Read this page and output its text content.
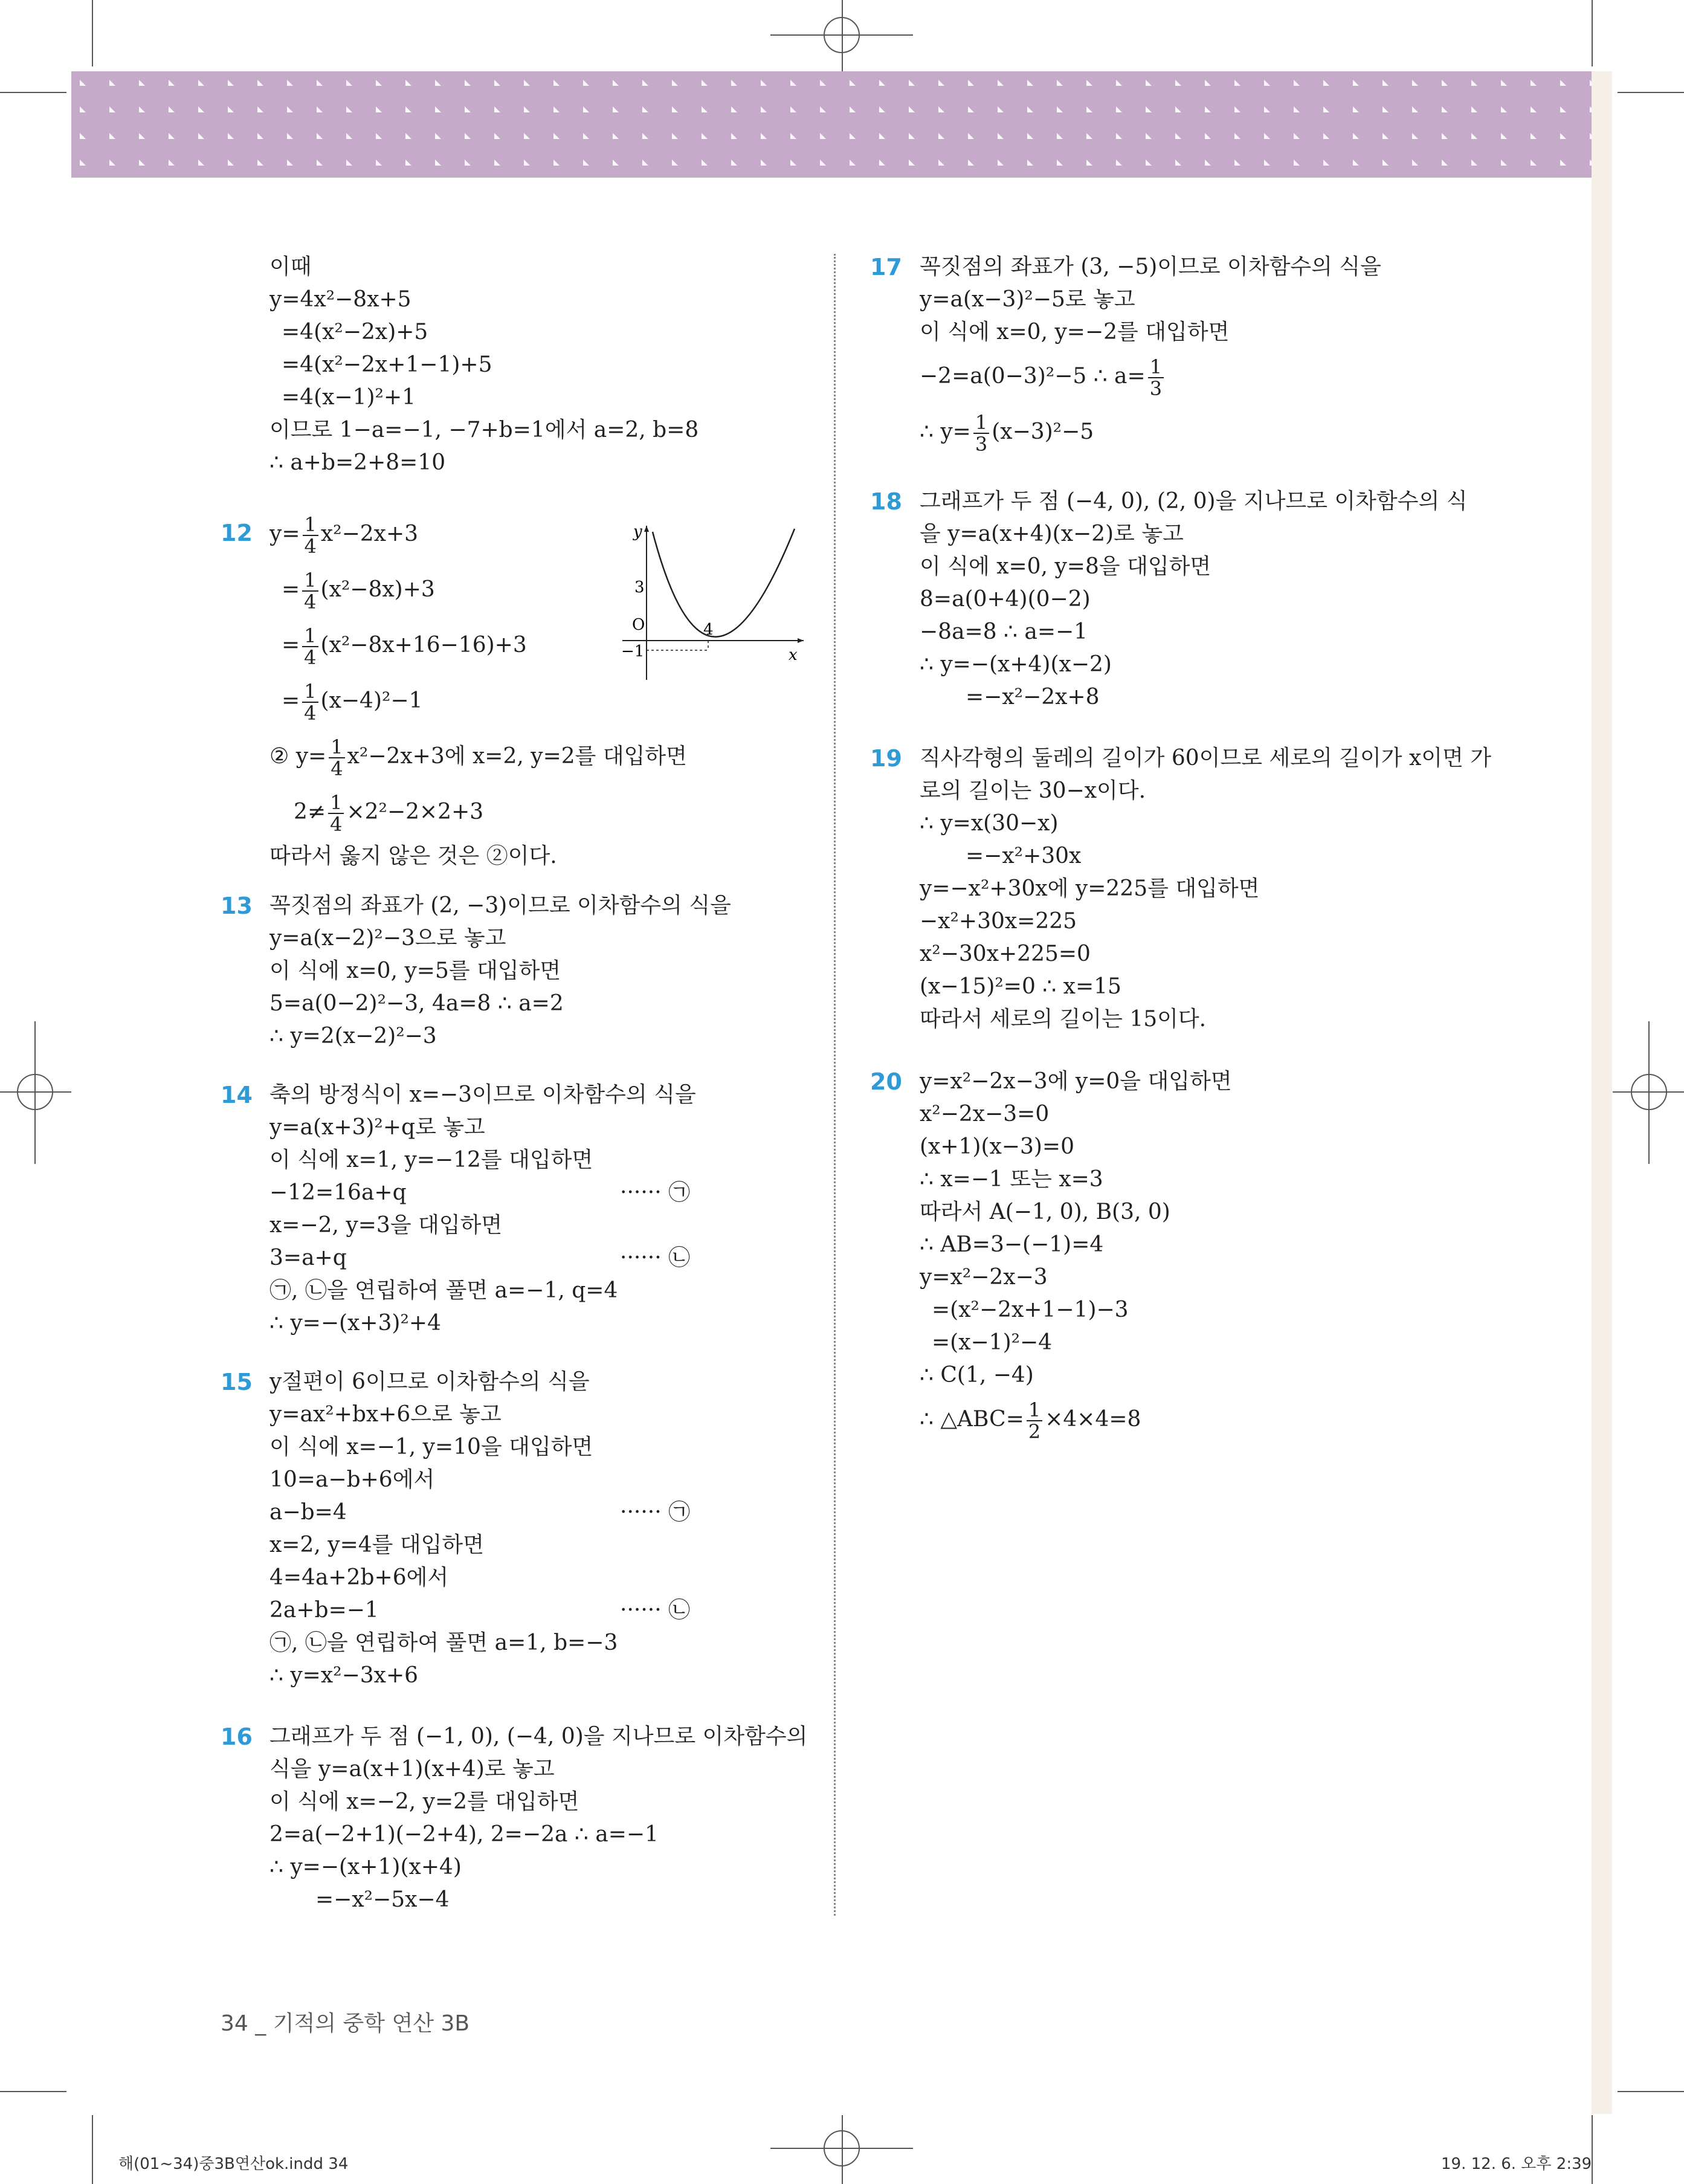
이때
y=4x²−8x+5
=4(x²−2x)+5
=4(x²−2x+1−1)+5
=4(x−1)²+1
이므로 1−a=−1, −7+b=1에서 a=2, b=8
∴ a+b=2+8=10
12 $y= \frac{1}{4} x^2-2x+3$
= $\frac{1}{4} (x^2-8x)+3$
= $\frac{1}{4} (x^2-8x+16-16)+3$
= $\frac{1}{4} (x-4)^2-1$
② $y= \frac{1}{4} x^2-2x+3$에 x=2, y=2를 대입하면
$2\ne \frac{1}{4} \times 2^2-2\times 2+3$
따라서 옳지 않은 것은 ②이다.
y
x
O
3
4
−1
13 꼭짓점의 좌표가 (2, −3)이므로 이차함수의 식을
y=a(x−2)²−3으로 놓고
이 식에 x=0, y=5를 대입하면
5=a(0−2)²−3, 4a=8 ∴ a=2
∴ y=2(x−2)²−3
14 축의 방정식이 x=−3이므로 이차함수의 식을
y=a(x+3)²+q로 놓고
이 식에 x=1, y=−12를 대입하면
−12=16a+q	······ ㉠
x=−2, y=3을 대입하면
3=a+q	······ ㉡
㉠, ㉡을 연립하여 풀면 a=−1, q=4
∴ y=−(x+3)²+4
15 y절편이 6이므로 이차함수의 식을
y=ax²+bx+6으로 놓고
이 식에 x=−1, y=10을 대입하면
10=a−b+6에서
a−b=4	······ ㉠
x=2, y=4를 대입하면
4=4a+2b+6에서
2a+b=−1	······ ㉡
㉠, ㉡을 연립하여 풀면 a=1, b=−3
∴ y=x²−3x+6
16 그래프가 두 점 (−1, 0), (−4, 0)을 지나므로 이차함수의
식을 y=a(x+1)(x+4)로 놓고
이 식에 x=−2, y=2를 대입하면
2=a(−2+1)(−2+4), 2=−2a ∴ a=−1
∴ y=−(x+1)(x+4)
=−x²−5x−4
17 꼭짓점의 좌표가 (3, −5)이므로 이차함수의 식을
y=a(x−3)²−5로 놓고
이 식에 x=0, y=−2를 대입하면
−2=a(0−3)²−5 ∴ $a= \frac{1}{3}$
∴ $y= \frac{1}{3} (x-3)^2-5$
18 그래프가 두 점 (−4, 0), (2, 0)을 지나므로 이차함수의 식
을 y=a(x+4)(x−2)로 놓고
이 식에 x=0, y=8을 대입하면
8=a(0+4)(0−2)
−8a=8 ∴ a=−1
∴ y=−(x+4)(x−2)
=−x²−2x+8
19 직사각형의 둘레의 길이가 60이므로 세로의 길이가 x이면 가
로의 길이는 30−x이다.
∴ y=x(30−x)
=−x²+30x
y=−x²+30x에 y=225를 대입하면
−x²+30x=225
x²−30x+225=0
(x−15)²=0 ∴ x=15
따라서 세로의 길이는 15이다.
20 y=x²−2x−3에 y=0을 대입하면
x²−2x−3=0
(x+1)(x−3)=0
∴ x=−1 또는 x=3
따라서 A(−1, 0), B(3, 0)
∴ AB=3−(−1)=4
y=x²−2x−3
=(x²−2x+1−1)−3
=(x−1)²−4
∴ C(1, −4)
∴ △ABC= $\frac{1}{2} \times 4\times 4=8$
34 _ 기적의 중학 연산 3B
해(01~34)중3B연산ok.indd 34	19. 12. 6. 오후 2:39
